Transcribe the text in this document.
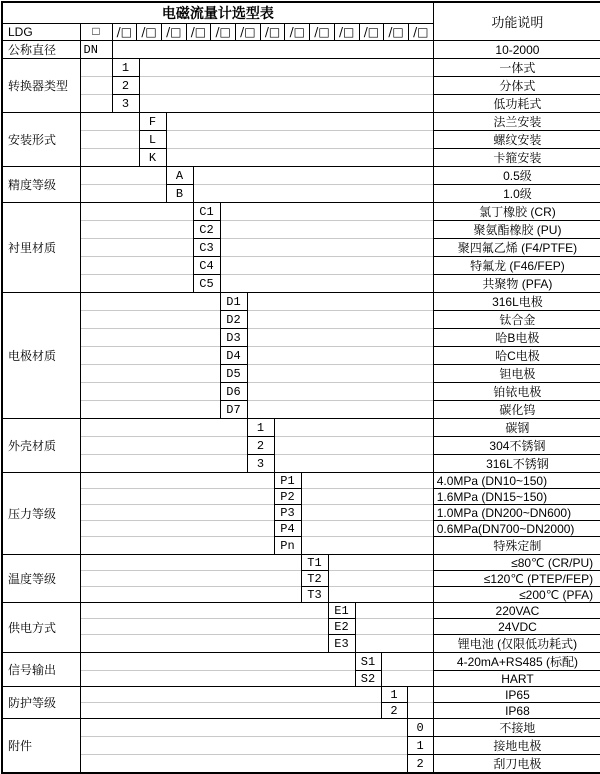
电磁流量计选型表														功能说明
LDG	□	/□ /□ /□ /□ /□ /□ /□ /□ /□ /□ /□ /□ /□

公称直径	DN													10-2000
转换器类型		1												一体式
		2												分体式
		3												低功耗式
安装形式			F											法兰安装
			L											螺纹安装
			K											卡箍安装
精度等级				A										0.5级
				B										1.0级
衬里材质					C1									氯丁橡胶 (CR)
					C2									聚氨酯橡胶 (PU)
					C3									聚四氟乙烯 (F4/PTFE)
					C4									特氟龙 (F46/FEP)
					C5									共聚物 (PFA)
电极材质						D1								316L电极
						D2								钛合金
						D3								哈B电极
						D4								哈C电极
						D5								钽电极
						D6								铂铱电极
						D7								碳化钨
外壳材质							1							碳钢
							2							304不锈钢
							3							316L不锈钢
压力等级								P1						4.0MPa (DN10~150)
								P2						1.6MPa (DN15~150)
								P3						1.0MPa (DN200~DN600)
								P4						0.6MPa(DN700~DN2000)
								Pn						特殊定制
温度等级									T1					≤80℃ (CR/PU)
									T2					≤120℃ (PTEP/FEP)
									T3					≤200℃ (PFA)
供电方式										E1				220VAC
										E2				24VDC
										E3				锂电池 (仅限低功耗式)
信号输出											S1			4-20mA+RS485 (标配)
											S2			HART
防护等级												1		IP65
												2		IP68
附件													0	不接地
													1	接地电极
													2	刮刀电极
